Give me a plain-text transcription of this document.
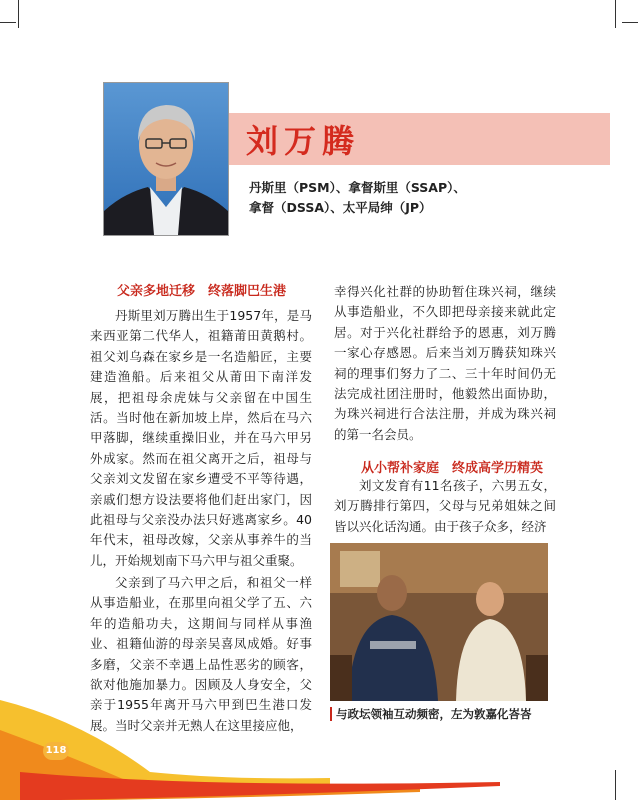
刘万腾
丹斯里（PSM）、拿督斯里（SSAP）、
拿督（DSSA）、太平局绅（JP）
父亲多地迁移　终落脚巴生港

丹斯里刘万腾出生于1957年，是马来西亚第二代华人，祖籍莆田黄鹅村。祖父刘乌森在家乡是一名造船匠，主要建造渔船。后来祖父从莆田下南洋发展，把祖母余虎妹与父亲留在中国生活。当时他在新加坡上岸，然后在马六甲落脚，继续重操旧业，并在马六甲另外成家。然而在祖父离开之后，祖母与父亲刘文发留在家乡遭受不平等待遇，亲戚们想方设法要将他们赶出家门，因此祖母与父亲没办法只好逃离家乡。40年代末，祖母改嫁，父亲从事养牛的当儿，开始规划南下马六甲与祖父重聚。

父亲到了马六甲之后，和祖父一样从事造船业，在那里向祖父学了五、六年的造船功夫，这期间与同样从事渔业、祖籍仙游的母亲吴喜凤成婚。好事多磨，父亲不幸遇上品性恶劣的顾客，欲对他施加暴力。因顾及人身安全，父亲于1955年离开马六甲到巴生港口发展。当时父亲并无熟人在这里接应他，

幸得兴化社群的协助暂住珠兴祠，继续从事造船业，不久即把母亲接来就此定居。对于兴化社群给予的恩惠，刘万腾一家心存感恩。后来当刘万腾获知珠兴祠的理事们努力了二、三十年时间仍无法完成社团注册时，他毅然出面协助，为珠兴祠进行合法注册，并成为珠兴祠的第一名会员。

从小帮补家庭　终成高学历精英

刘文发育有11名孩子，六男五女，刘万腾排行第四，父母与兄弟姐妹之间皆以兴化话沟通。由于孩子众多，经济

与政坛领袖互动频密，左为敦嘉化峇峇
118
